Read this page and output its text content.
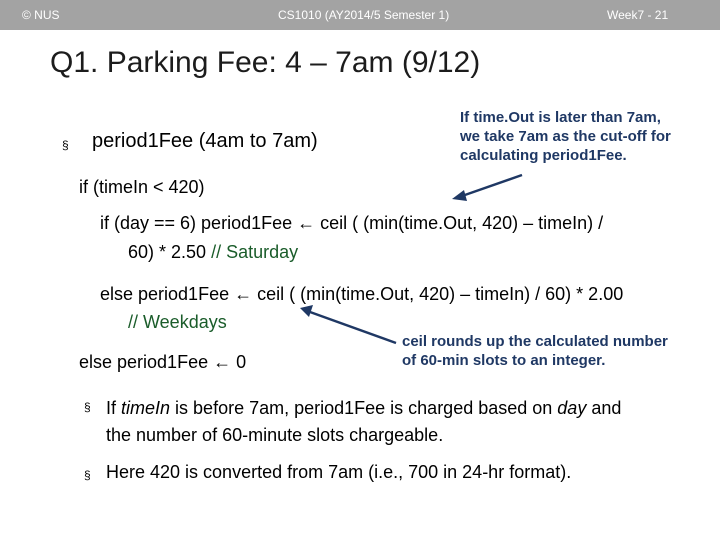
© NUS	CS1010 (AY2014/5 Semester 1)	Week7 - 21
Q1. Parking Fee: 4 – 7am (9/12)
§ period1Fee (4am to 7am)
If time.Out is later than 7am,
we take 7am as the cut-off for
calculating period1Fee.
if (timeIn < 420)
if (day == 6) period1Fee ← ceil ( (min(time.Out, 420) – timeIn) /
60) * 2.50 // Saturday
else period1Fee ← ceil ( (min(time.Out, 420) – timeIn) / 60) * 2.00
// Weekdays
else period1Fee ← 0
ceil rounds up the calculated number
of 60-min slots to an integer.
§ If timeIn is before 7am, period1Fee is charged based on day and
the number of 60-minute slots chargeable.
§ Here 420 is converted from 7am (i.e., 700 in 24-hr format).
